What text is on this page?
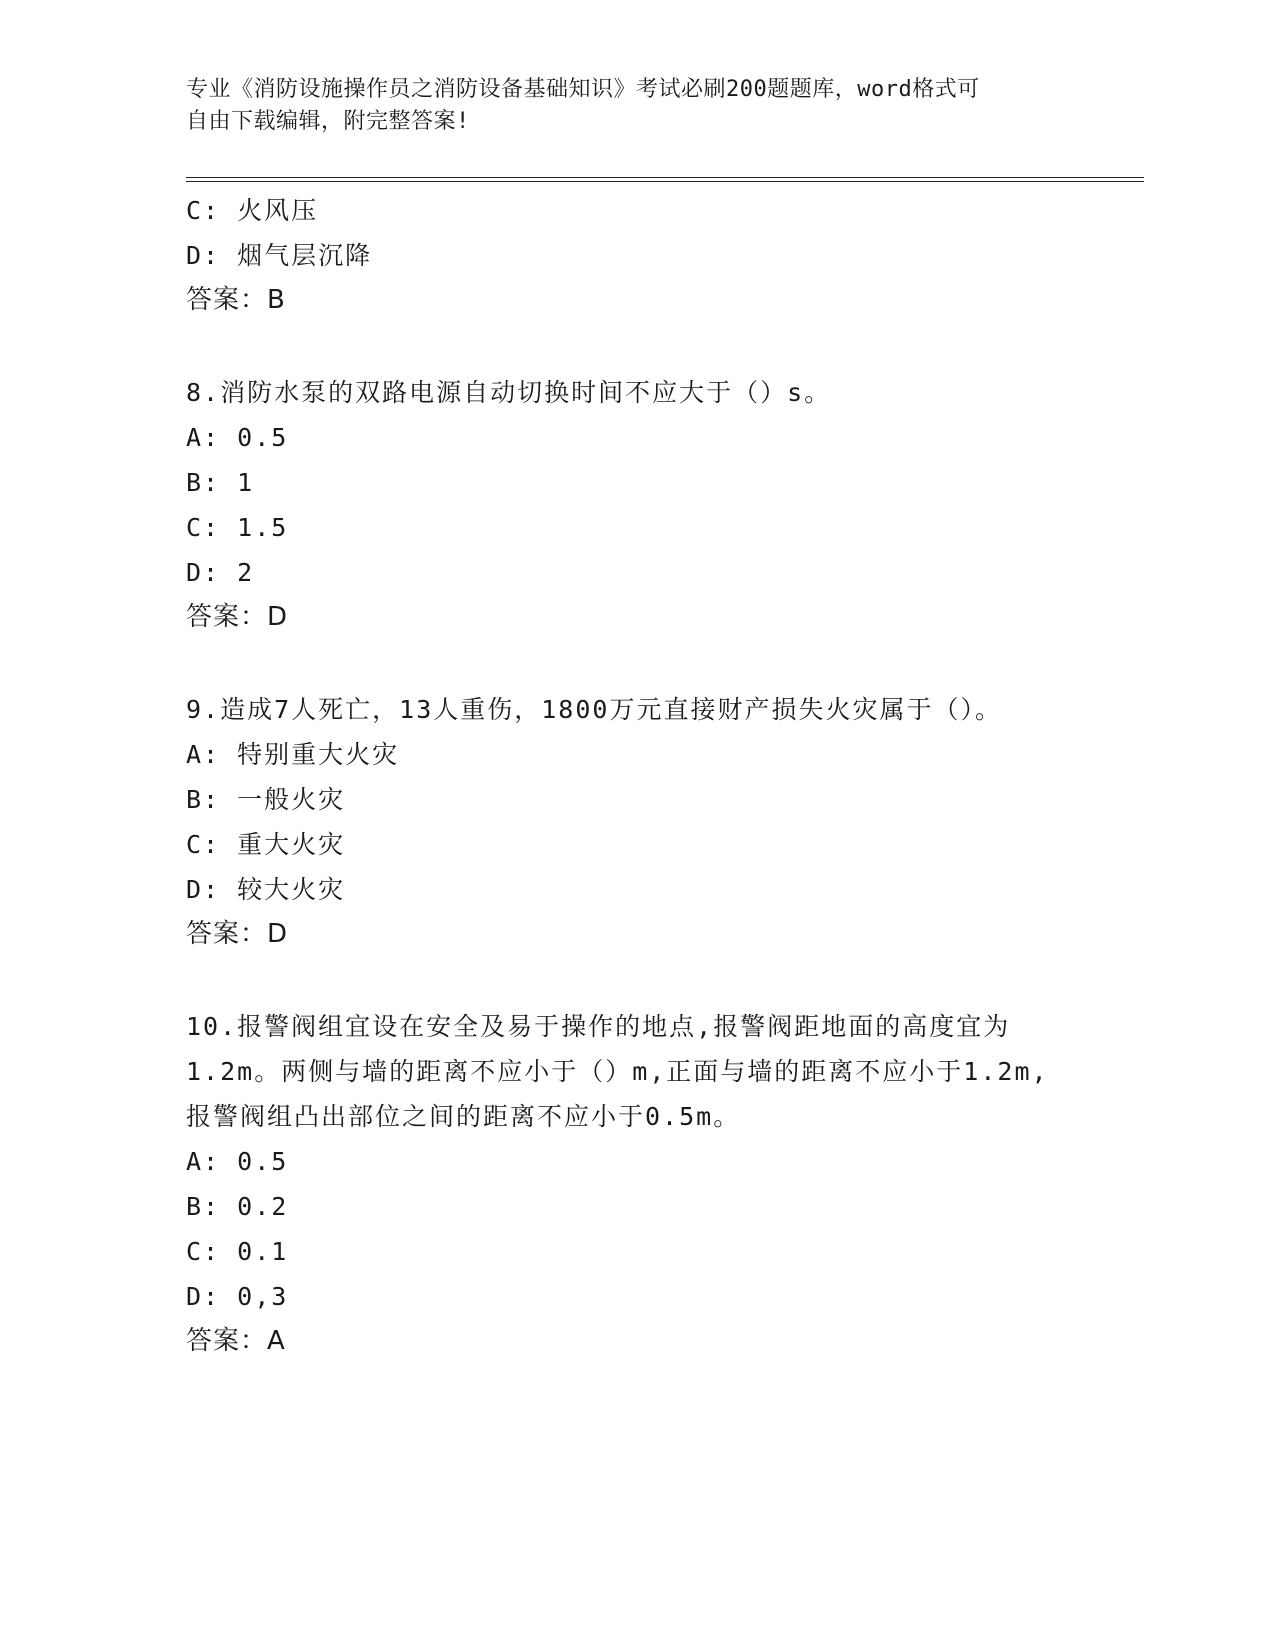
专业《消防设施操作员之消防设备基础知识》考试必刷200题题库，word格式可
自由下载编辑，附完整答案!
C: 火风压
D: 烟气层沉降
答案：B
8.消防水泵的双路电源自动切换时间不应大于（）s。
A: 0.5
B: 1
C: 1.5
D: 2
答案：D
9.造成7人死亡，13人重伤，1800万元直接财产损失火灾属于（）。
A: 特别重大火灾
B: 一般火灾
C: 重大火灾
D: 较大火灾
答案：D
10.报警阀组宜设在安全及易于操作的地点,报警阀距地面的高度宜为
1.2m。两侧与墙的距离不应小于（）m,正面与墙的距离不应小于1.2m,
报警阀组凸出部位之间的距离不应小于0.5m。
A: 0.5
B: 0.2
C: 0.1
D: 0,3
答案：A
